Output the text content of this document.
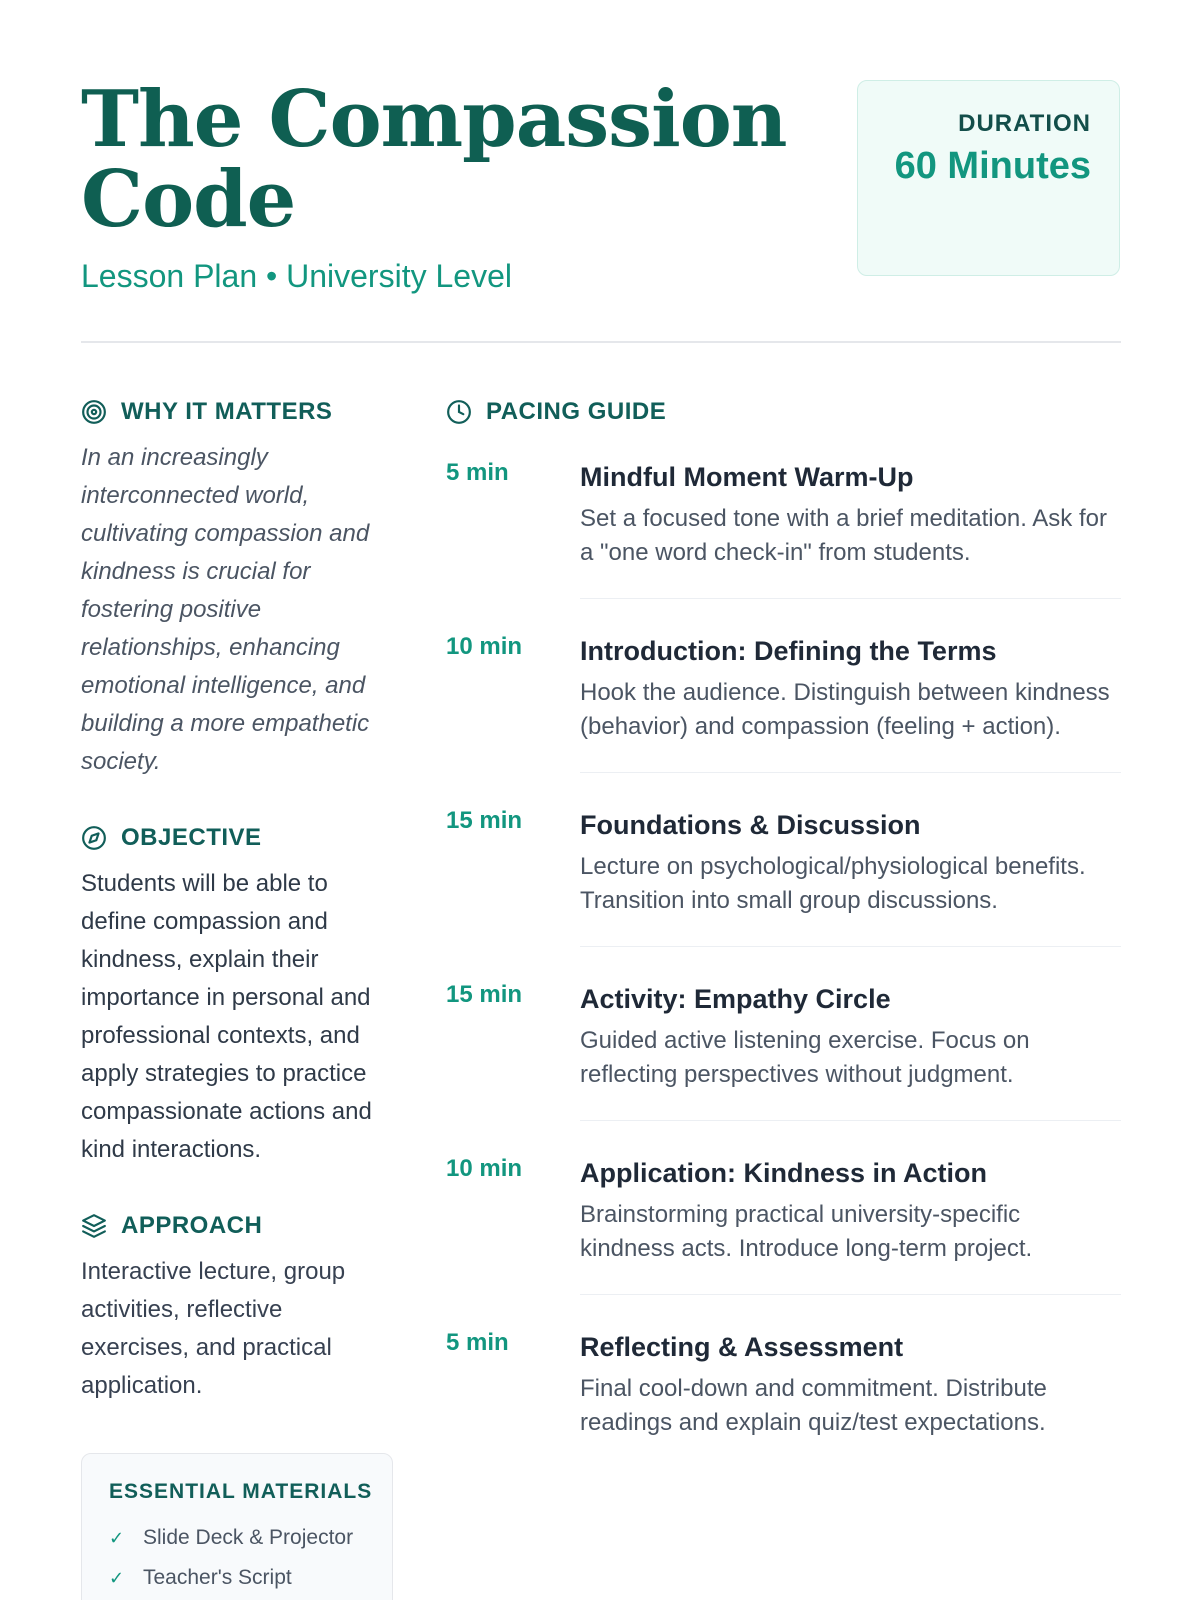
The Compassion Code
Lesson Plan • University Level
DURATION
60 Minutes
WHY IT MATTERS

In an increasingly interconnected world, cultivating compassion and kindness is crucial for fostering positive relationships, enhancing emotional intelligence, and building a more empathetic society.

OBJECTIVE

Students will be able to define compassion and kindness, explain their importance in personal and professional contexts, and apply strategies to practice compassionate actions and kind interactions.

APPROACH

Interactive lecture, group activities, reflective exercises, and practical application.

ESSENTIAL MATERIALS
✓ Slide Deck & Projector
✓ Teacher's Script
PACING GUIDE
5 min	Mindful Moment Warm-Up
Set a focused tone with a brief meditation. Ask for a "one word check-in" from students.
10 min Introduction: Defining the Terms
Hook the audience. Distinguish between kindness (behavior) and compassion (feeling + action).
15 min Foundations & Discussion
Lecture on psychological/physiological benefits. Transition into small group discussions.
15 min Activity: Empathy Circle
Guided active listening exercise. Focus on reflecting perspectives without judgment.
10 min Application: Kindness in Action
Brainstorming practical university-specific kindness acts. Introduce long-term project.
5 min	Reflecting & Assessment
Final cool-down and commitment. Distribute readings and explain quiz/test expectations.
